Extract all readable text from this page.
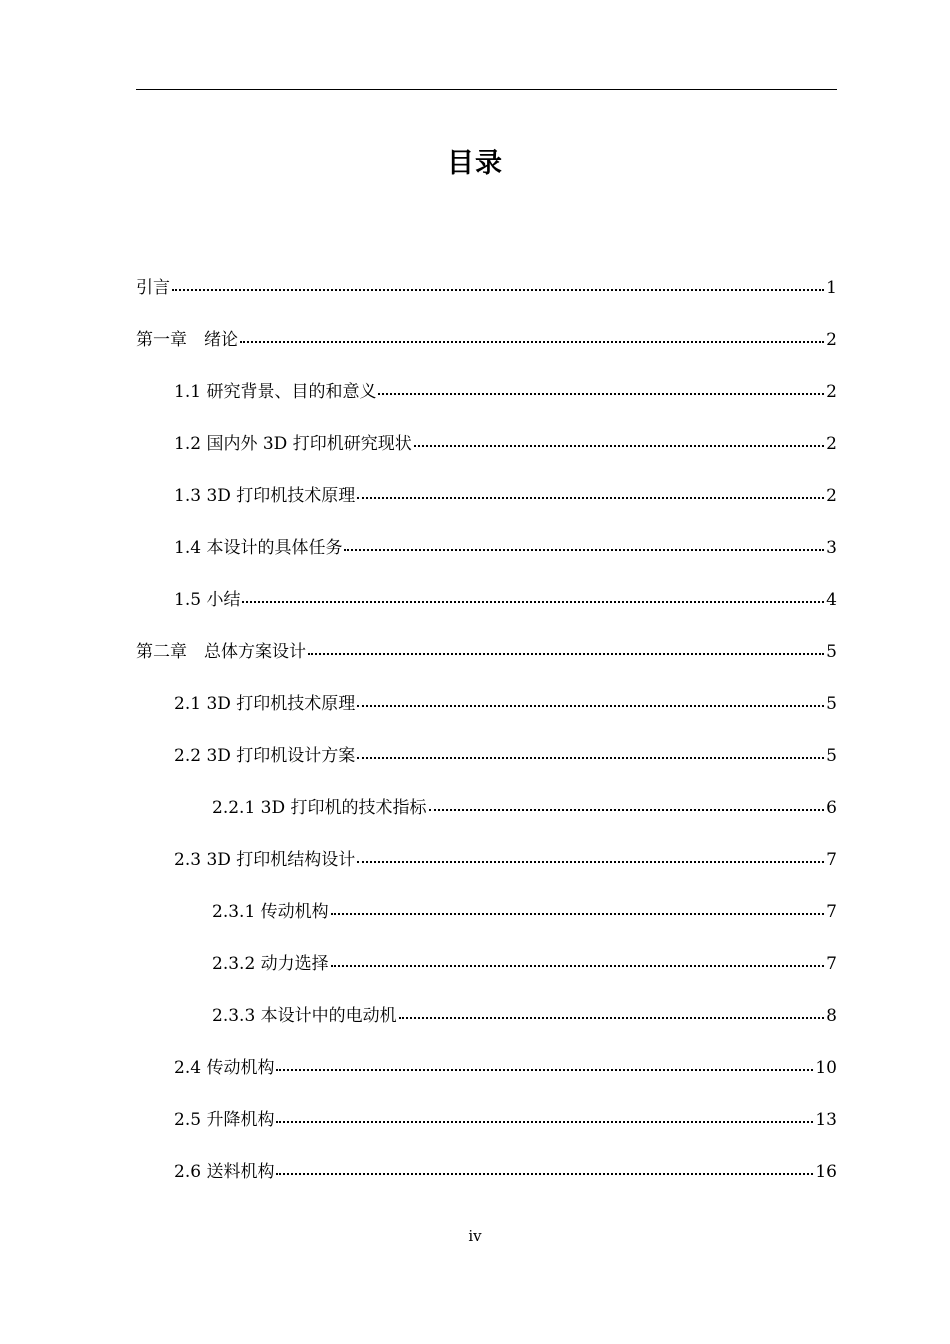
目录
引言	1
第一章　绪论	2
1.1 研究背景、目的和意义	2
1.2 国内外 3D 打印机研究现状	2
1.3 3D 打印机技术原理	2
1.4 本设计的具体任务	3
1.5 小结	4
第二章　总体方案设计	5
2.1 3D 打印机技术原理	5
2.2 3D 打印机设计方案	5
2.2.1 3D 打印机的技术指标	6
2.3 3D 打印机结构设计	7
2.3.1 传动机构	7
2.3.2 动力选择	7
2.3.3 本设计中的电动机	8
2.4 传动机构	10
2.5 升降机构	13
2.6 送料机构	16
iv
